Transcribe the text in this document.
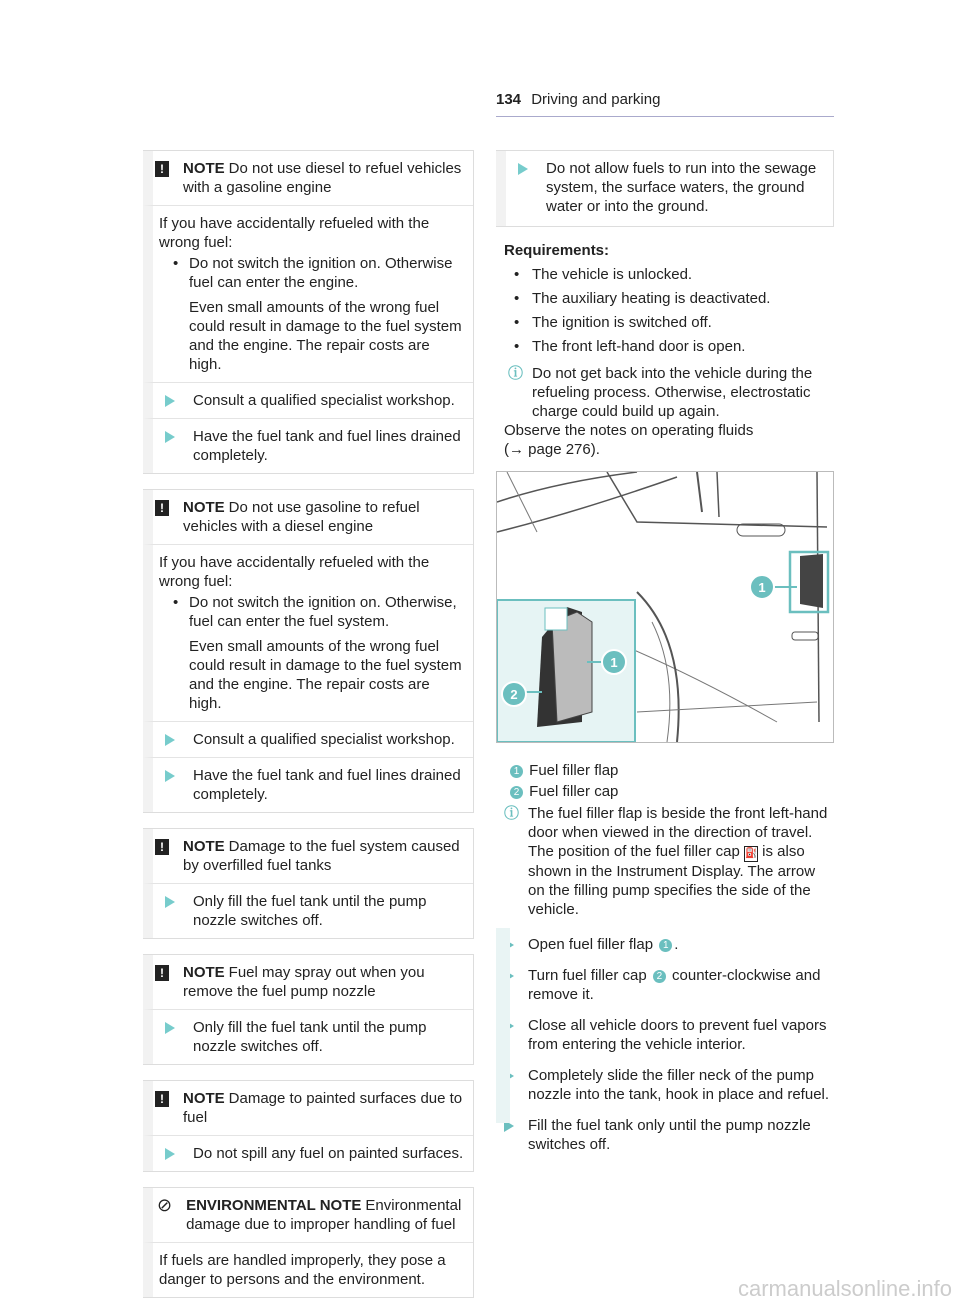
134 Driving and parking
!	NOTE Do not use diesel to refuel vehicles with a gasoline engine
If you have accidentally refueled with the wrong fuel:
• Do not switch the ignition on. Otherwise fuel can enter the engine.
Even small amounts of the wrong fuel could result in damage to the fuel system and the engine. The repair costs are high.
Consult a qualified specialist workshop.
Have the fuel tank and fuel lines drained completely.
!	NOTE Do not use gasoline to refuel vehicles with a diesel engine
If you have accidentally refueled with the wrong fuel:
• Do not switch the ignition on. Otherwise, fuel can enter the fuel system.
Even small amounts of the wrong fuel could result in damage to the fuel system and the engine. The repair costs are high.
Consult a qualified specialist workshop.
Have the fuel tank and fuel lines drained completely.
!	NOTE Damage to the fuel system caused by overfilled fuel tanks
Only fill the fuel tank until the pump nozzle switches off.
!	NOTE Fuel may spray out when you remove the fuel pump nozzle
Only fill the fuel tank until the pump nozzle switches off.
!	NOTE Damage to painted surfaces due to fuel
Do not spill any fuel on painted surfaces.
⊘ ENVIRONMENTAL NOTE Environmental damage due to improper handling of fuel
If fuels are handled improperly, they pose a danger to persons and the environment.
Do not allow fuels to run into the sewage system, the surface waters, the ground water or into the ground.
Requirements:
• The vehicle is unlocked.
• The auxiliary heating is deactivated.
• The ignition is switched off.
• The front left-hand door is open.
ⓘ Do not get back into the vehicle during the refueling process. Otherwise, electrostatic charge could build up again.
Observe the notes on operating fluids
(→ page 276).
1
1
2
1 Fuel filler flap
2 Fuel filler cap
ⓘ The fuel filler flap is beside the front left-hand door when viewed in the direction of travel. The position of the fuel filler cap ⛽ is also shown in the Instrument Display. The arrow on the filling pump specifies the side of the vehicle.
Open fuel filler flap 1 .
Turn fuel filler cap 2 counter-clockwise and remove it.
Close all vehicle doors to prevent fuel vapors from entering the vehicle interior.
Completely slide the filler neck of the pump nozzle into the tank, hook in place and refuel.
Fill the fuel tank only until the pump nozzle switches off.
carmanualsonline.info
